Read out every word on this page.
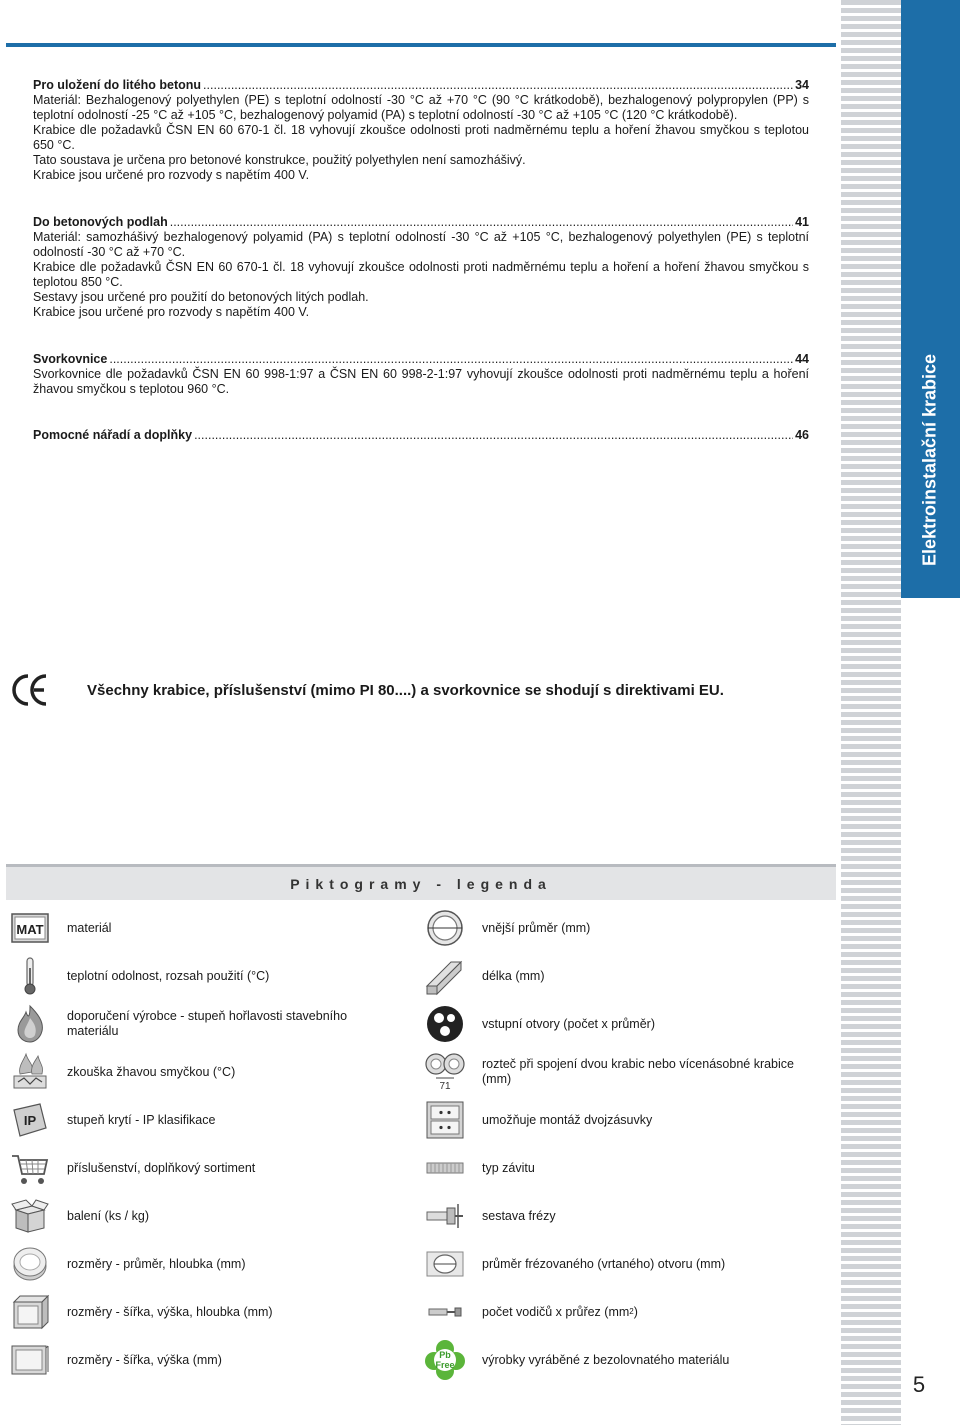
Elektroinstalační krabice
5
Pro uložení do litého betonu .....	34

Materiál: Bezhalogenový polyethylen (PE) s teplotní odolností -30 °C až +70 °C (90 °C krátkodobě), bezhalogenový polypropylen (PP) s teplotní odolností -25 °C až +105 °C, bezhalogenový polyamid (PA) s teplotní odolností -30 °C až +105 °C (120 °C krátkodobě).

Krabice dle požadavků ČSN EN 60 670-1 čl. 18 vyhovují zkoušce odolnosti proti nadměrnému teplu a hoření žhavou smyčkou s teplotou 650 °C.

Tato soustava je určena pro betonové konstrukce, použitý polyethylen není samozhášivý.

Krabice jsou určené pro rozvody s napětím 400 V.

Do betonových podlah .....	41

Materiál: samozhášivý bezhalogenový polyamid (PA) s teplotní odolností -30 °C až +105 °C, bezhalogenový polyethylen (PE) s teplotní odolností -30 °C až +70 °C.

Krabice dle požadavků ČSN EN 60 670-1 čl. 18 vyhovují zkoušce odolnosti proti nadměrnému teplu a hoření a hoření žhavou smyčkou s teplotou 850 °C.

Sestavy jsou určené pro použití do betonových litých podlah.

Krabice jsou určené pro rozvody s napětím 400 V.

Svorkovnice .....	44

Svorkovnice dle požadavků ČSN EN 60 998-1:97 a ČSN EN 60 998-2-1:97 vyhovují zkoušce odolnosti proti nadměrnému teplu a hoření žhavou smyčkou s teplotou 960 °C.

Pomocné nářadí a doplňky .....	46
Všechny krabice, příslušenství (mimo PI 80....) a svorkovnice se shodují s direktivami EU.
Piktogramy - legenda
MAT materiál
teplotní odolnost, rozsah použití (°C)
doporučení výrobce - stupeň hořlavosti stavebního materiálu
zkouška žhavou smyčkou (°C)
IP stupeň krytí - IP klasifikace
příslušenství, doplňkový sortiment
balení (ks / kg)
rozměry - průměr, hloubka (mm)
rozměry - šířka, výška, hloubka (mm)
rozměry - šířka, výška (mm)
vnější průměr (mm)
délka (mm)
vstupní otvory (počet x průměr)
71
rozteč při spojení dvou krabic nebo vícenásobné krabice (mm)
umožňuje montáž dvojzásuvky
typ závitu
sestava frézy
průměr frézovaného (vrtaného) otvoru (mm)
počet vodičů x průřez (mm 2 )
Pb
Free výrobky vyráběné z bezolovnatého materiálu
